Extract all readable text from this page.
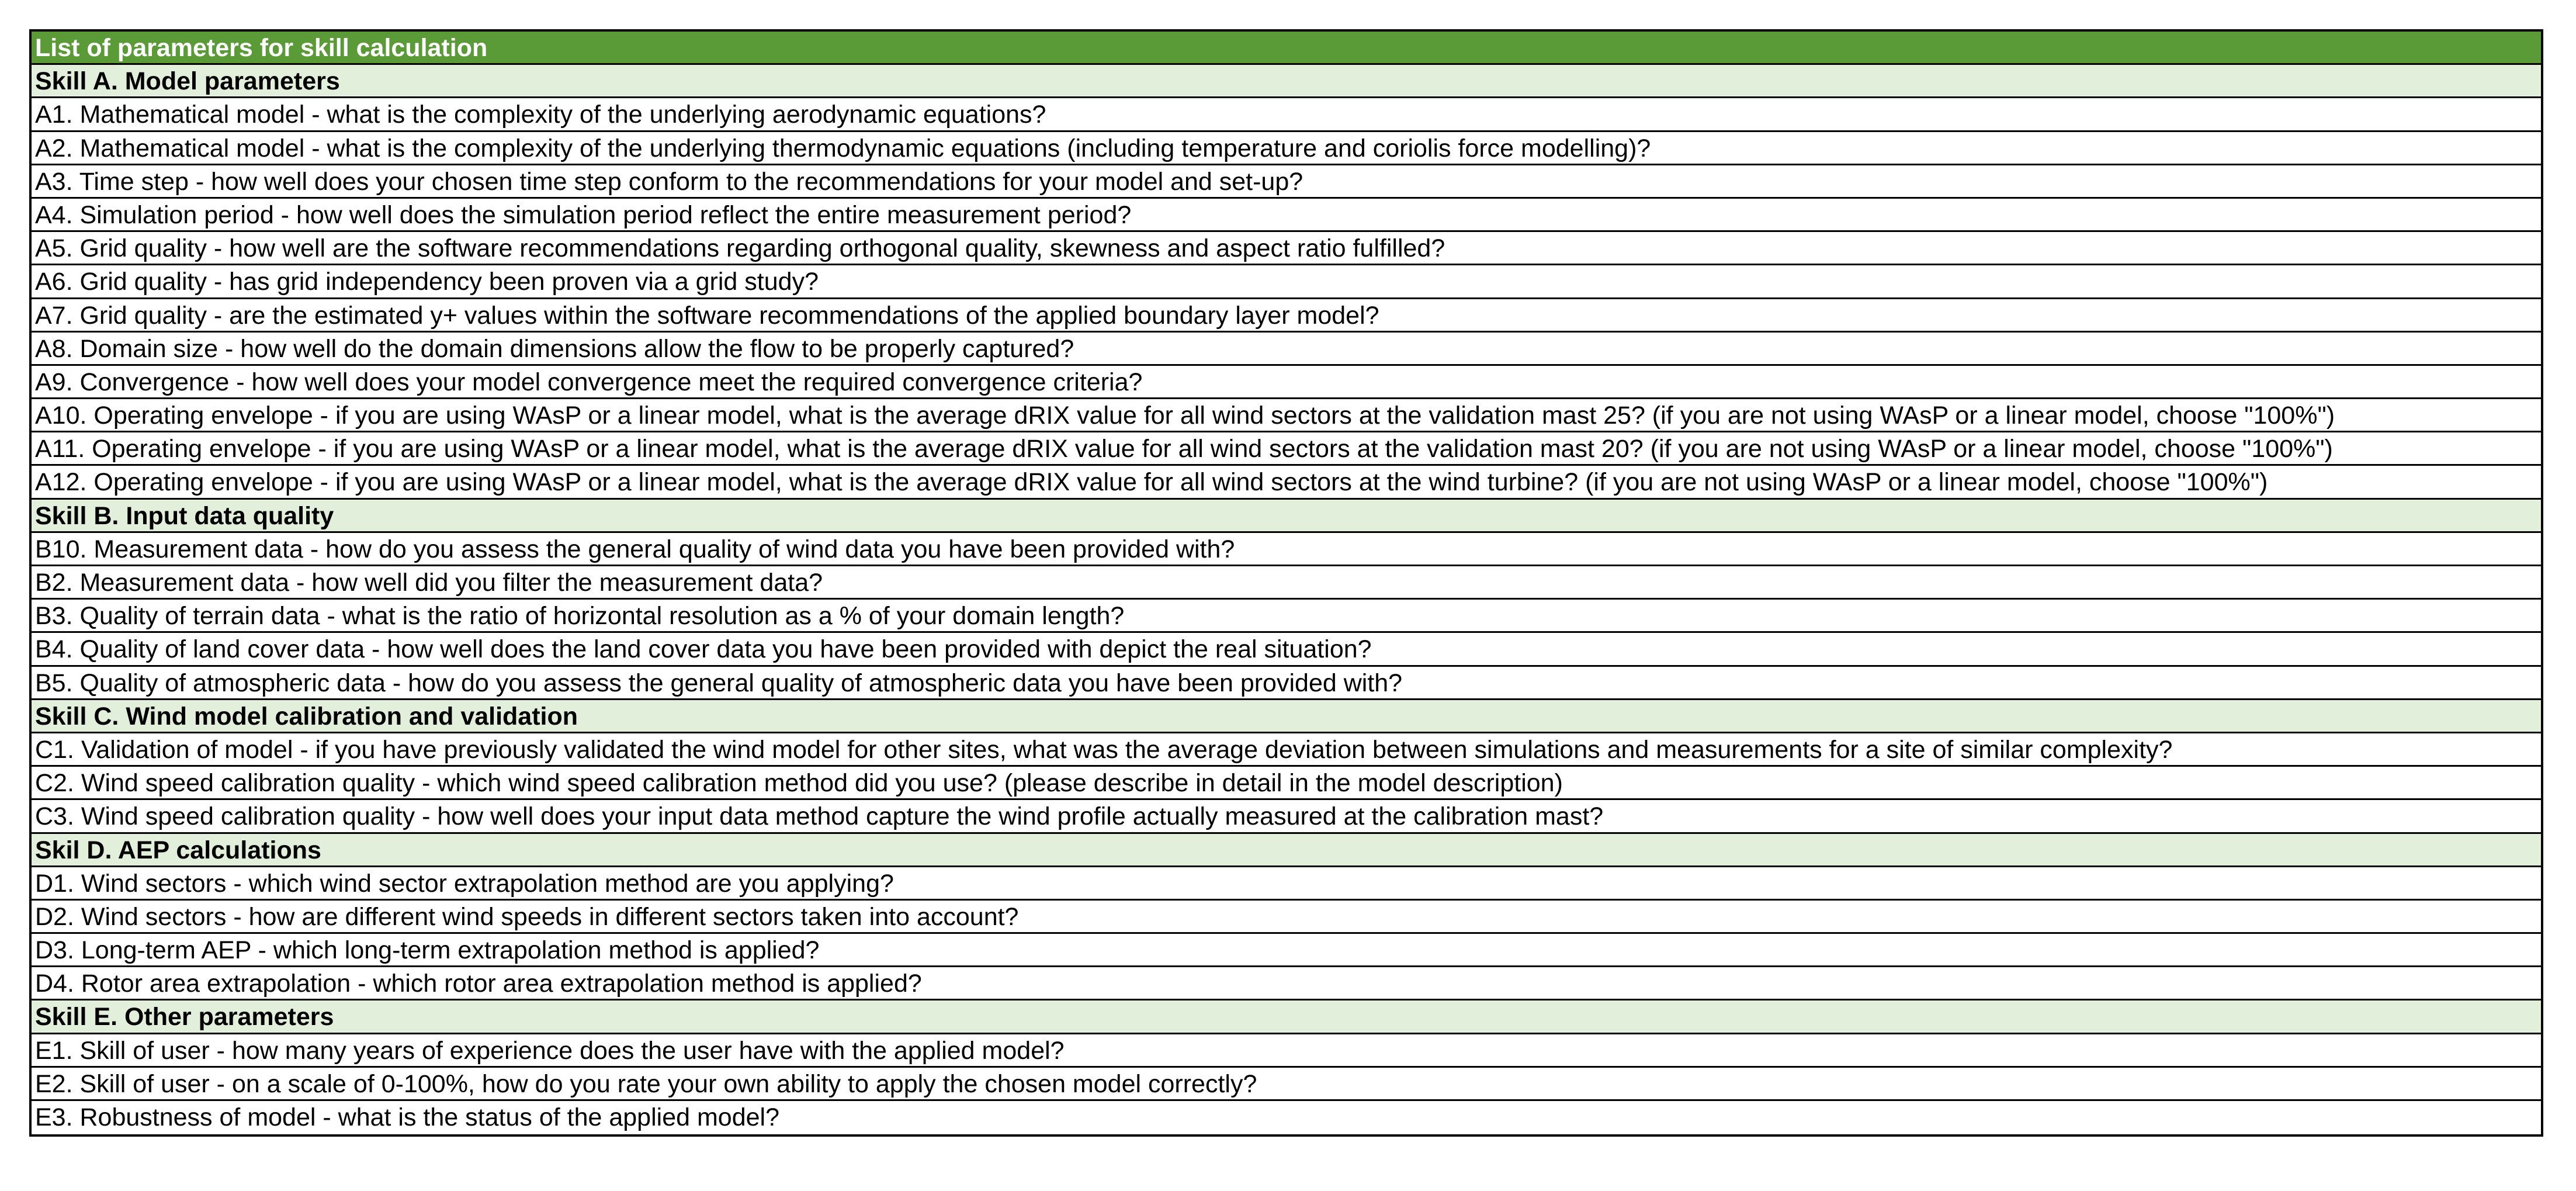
List of parameters for skill calculation
Skill A. Model parameters
A1. Mathematical model - what is the complexity of the underlying aerodynamic equations?
A2. Mathematical model - what is the complexity of the underlying thermodynamic equations (including temperature and coriolis force modelling)?
A3. Time step - how well does your chosen time step conform to the recommendations for your model and set-up?
A4. Simulation period - how well does the simulation period reflect the entire measurement period?
A5. Grid quality - how well are the software recommendations regarding orthogonal quality, skewness and aspect ratio fulfilled?
A6. Grid quality - has grid independency been proven via a grid study?
A7. Grid quality - are the estimated y+ values within the software recommendations of the applied boundary layer model?
A8. Domain size - how well do the domain dimensions allow the flow to be properly captured?
A9. Convergence - how well does your model convergence meet the required convergence criteria?
A10. Operating envelope - if you are using WAsP or a linear model, what is the average dRIX value for all wind sectors at the validation mast 25? (if you are not using WAsP or a linear model, choose "100%")
A11. Operating envelope - if you are using WAsP or a linear model, what is the average dRIX value for all wind sectors at the validation mast 20? (if you are not using WAsP or a linear model, choose "100%")
A12. Operating envelope - if you are using WAsP or a linear model, what is the average dRIX value for all wind sectors at the wind turbine? (if you are not using WAsP or a linear model, choose "100%")
Skill B. Input data quality
B10. Measurement data - how do you assess the general quality of wind data you have been provided with?
B2. Measurement data - how well did you filter the measurement data?
B3. Quality of terrain data - what is the ratio of horizontal resolution as a % of your domain length?
B4. Quality of land cover data - how well does the land cover data you have been provided with depict the real situation?
B5. Quality of atmospheric data - how do you assess the general quality of atmospheric data you have been provided with?
Skill C. Wind model calibration and validation
C1. Validation of model - if you have previously validated the wind model for other sites, what was the average deviation between simulations and measurements for a site of similar complexity?
C2. Wind speed calibration quality - which wind speed calibration method did you use? (please describe in detail in the model description)
C3. Wind speed calibration quality - how well does your input data method capture the wind profile actually measured at the calibration mast?
Skil D. AEP calculations
D1. Wind sectors - which wind sector extrapolation method are you applying?
D2. Wind sectors - how are different wind speeds in different sectors taken into account?
D3. Long-term AEP - which long-term extrapolation method is applied?
D4. Rotor area extrapolation - which rotor area extrapolation method is applied?
Skill E. Other parameters
E1. Skill of user - how many years of experience does the user have with the applied model?
E2. Skill of user - on a scale of 0-100%, how do you rate your own ability to apply the chosen model correctly?
E3. Robustness of model - what is the status of the applied model?
